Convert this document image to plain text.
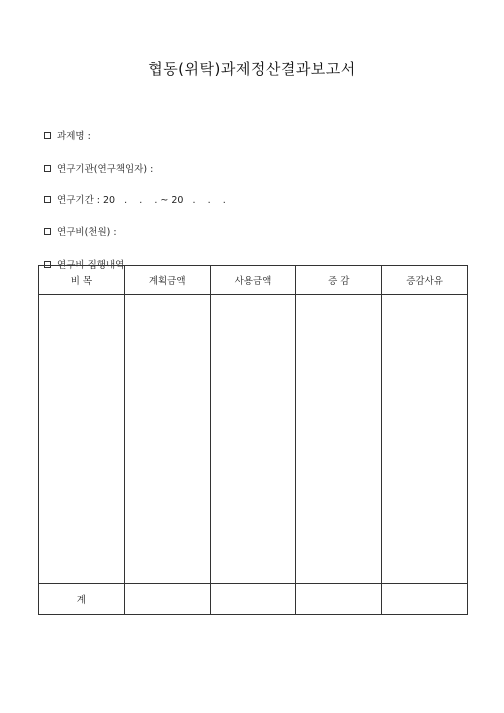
협동(위탁)과제정산결과보고서

과제명 :

연구기관(연구책임자) :

연구기간 : 20   .    .    . ~ 20   .    .    .

연구비(천원) :

연구비 집행내역

비 목	계획금액	사용금액	증 감	증감사유

계				
